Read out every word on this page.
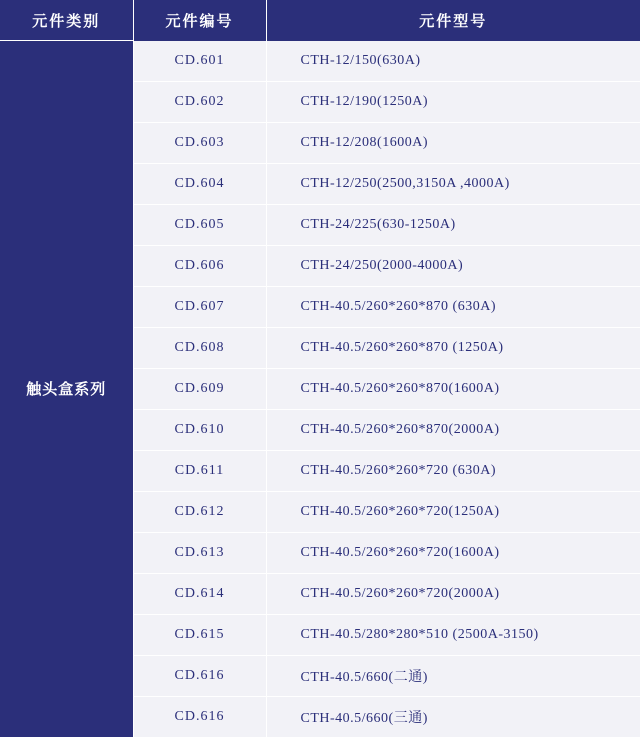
元件类别	元件编号	元件型号
触头盒系列	CD.601	CTH-12/150(630A)
	CD.602	CTH-12/190(1250A)
	CD.603	CTH-12/208(1600A)
	CD.604	CTH-12/250(2500,3150A ,4000A)
	CD.605	CTH-24/225(630-1250A)
	CD.606	CTH-24/250(2000-4000A)
	CD.607	CTH-40.5/260*260*870 (630A)
	CD.608	CTH-40.5/260*260*870 (1250A)
	CD.609	CTH-40.5/260*260*870(1600A)
	CD.610	CTH-40.5/260*260*870(2000A)
	CD.611	CTH-40.5/260*260*720 (630A)
	CD.612	CTH-40.5/260*260*720(1250A)
	CD.613	CTH-40.5/260*260*720(1600A)
	CD.614	CTH-40.5/260*260*720(2000A)
	CD.615	CTH-40.5/280*280*510 (2500A-3150)
	CD.616	CTH-40.5/660(二通)
	CD.616	CTH-40.5/660(三通)
